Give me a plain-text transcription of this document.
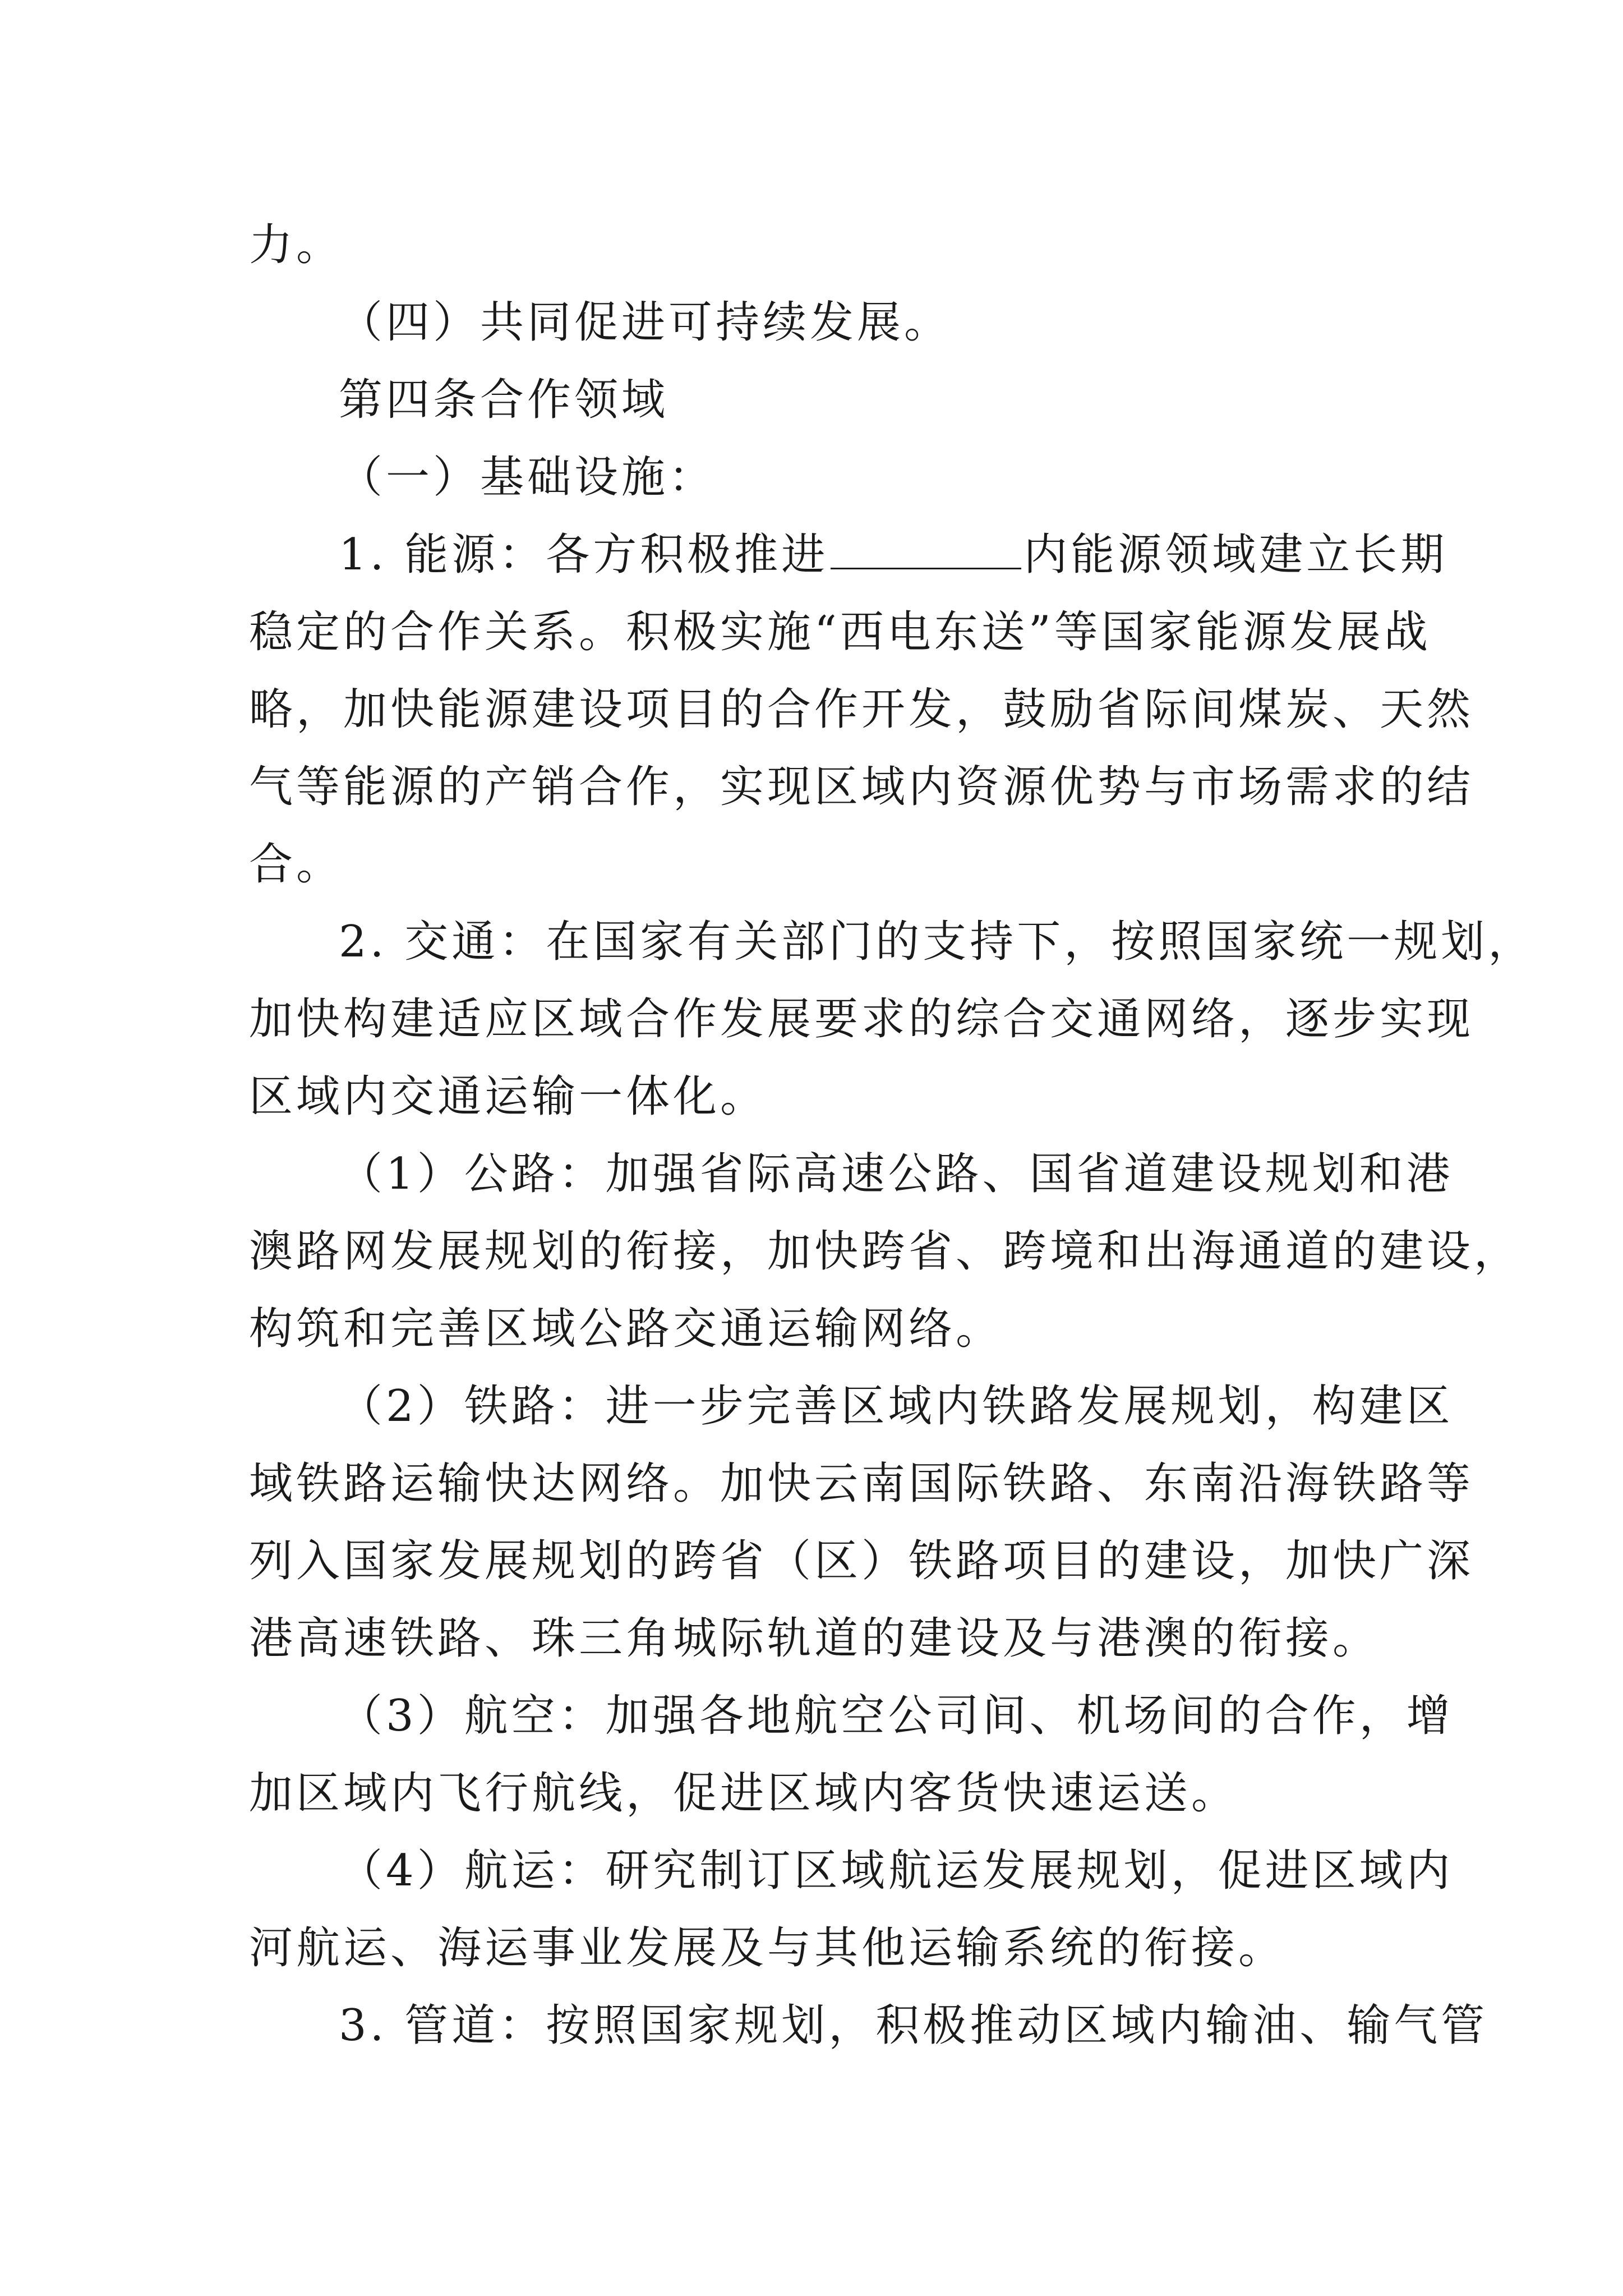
力。
（四）共同促进可持续发展。
第四条合作领域
（一）基础设施：
1. 能源：各方积极推进	内能源领域建立长期
稳定的合作关系。积极实施“西电东送”等国家能源发展战
略，加快能源建设项目的合作开发，鼓励省际间煤炭、天然
气等能源的产销合作，实现区域内资源优势与市场需求的结
合。
2. 交通：在国家有关部门的支持下，按照国家统一规划，
加快构建适应区域合作发展要求的综合交通网络，逐步实现
区域内交通运输一体化。
（1）公路：加强省际高速公路、国省道建设规划和港
澳路网发展规划的衔接，加快跨省、跨境和出海通道的建设，
构筑和完善区域公路交通运输网络。
（2）铁路：进一步完善区域内铁路发展规划，构建区
域铁路运输快达网络。加快云南国际铁路、东南沿海铁路等
列入国家发展规划的跨省（区）铁路项目的建设，加快广深
港高速铁路、珠三角城际轨道的建设及与港澳的衔接。
（3）航空：加强各地航空公司间、机场间的合作，增
加区域内飞行航线，促进区域内客货快速运送。
（4）航运：研究制订区域航运发展规划，促进区域内
河航运、海运事业发展及与其他运输系统的衔接。
3. 管道：按照国家规划，积极推动区域内输油、输气管
